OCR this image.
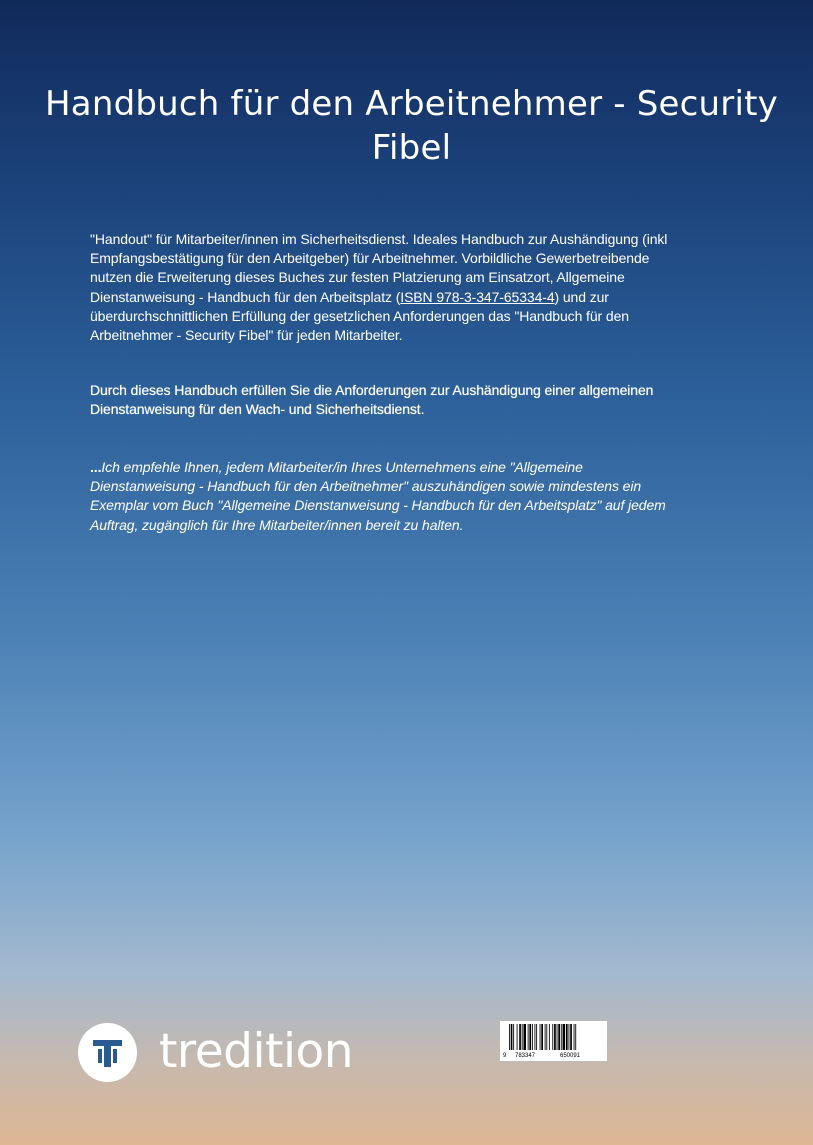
Handbuch für den Arbeitnehmer - Security Fibel
"Handout" für Mitarbeiter/innen im Sicherheitsdienst. Ideales Handbuch zur Aushändigung (inkl Empfangsbestätigung für den Arbeitgeber) für Arbeitnehmer. Vorbildliche Gewerbetreibende nutzen die Erweiterung dieses Buches zur festen Platzierung am Einsatzort, Allgemeine Dienstanweisung - Handbuch für den Arbeitsplatz (ISBN 978-3-347-65334-4) und zur überdurchschnittlichen Erfüllung der gesetzlichen Anforderungen das "Handbuch für den Arbeitnehmer - Security Fibel" für jeden Mitarbeiter.
Durch dieses Handbuch erfüllen Sie die Anforderungen zur Aushändigung einer allgemeinen Dienstanweisung für den Wach- und Sicherheitsdienst.
...Ich empfehle Ihnen, jedem Mitarbeiter/in Ihres Unternehmens eine "Allgemeine Dienstanweisung - Handbuch für den Arbeitnehmer" auszuhändigen sowie mindestens ein Exemplar vom Buch "Allgemeine Dienstanweisung - Handbuch für den Arbeitsplatz" auf jedem Auftrag, zugänglich für Ihre Mitarbeiter/innen bereit zu halten.
tredition	9 783347	650091
